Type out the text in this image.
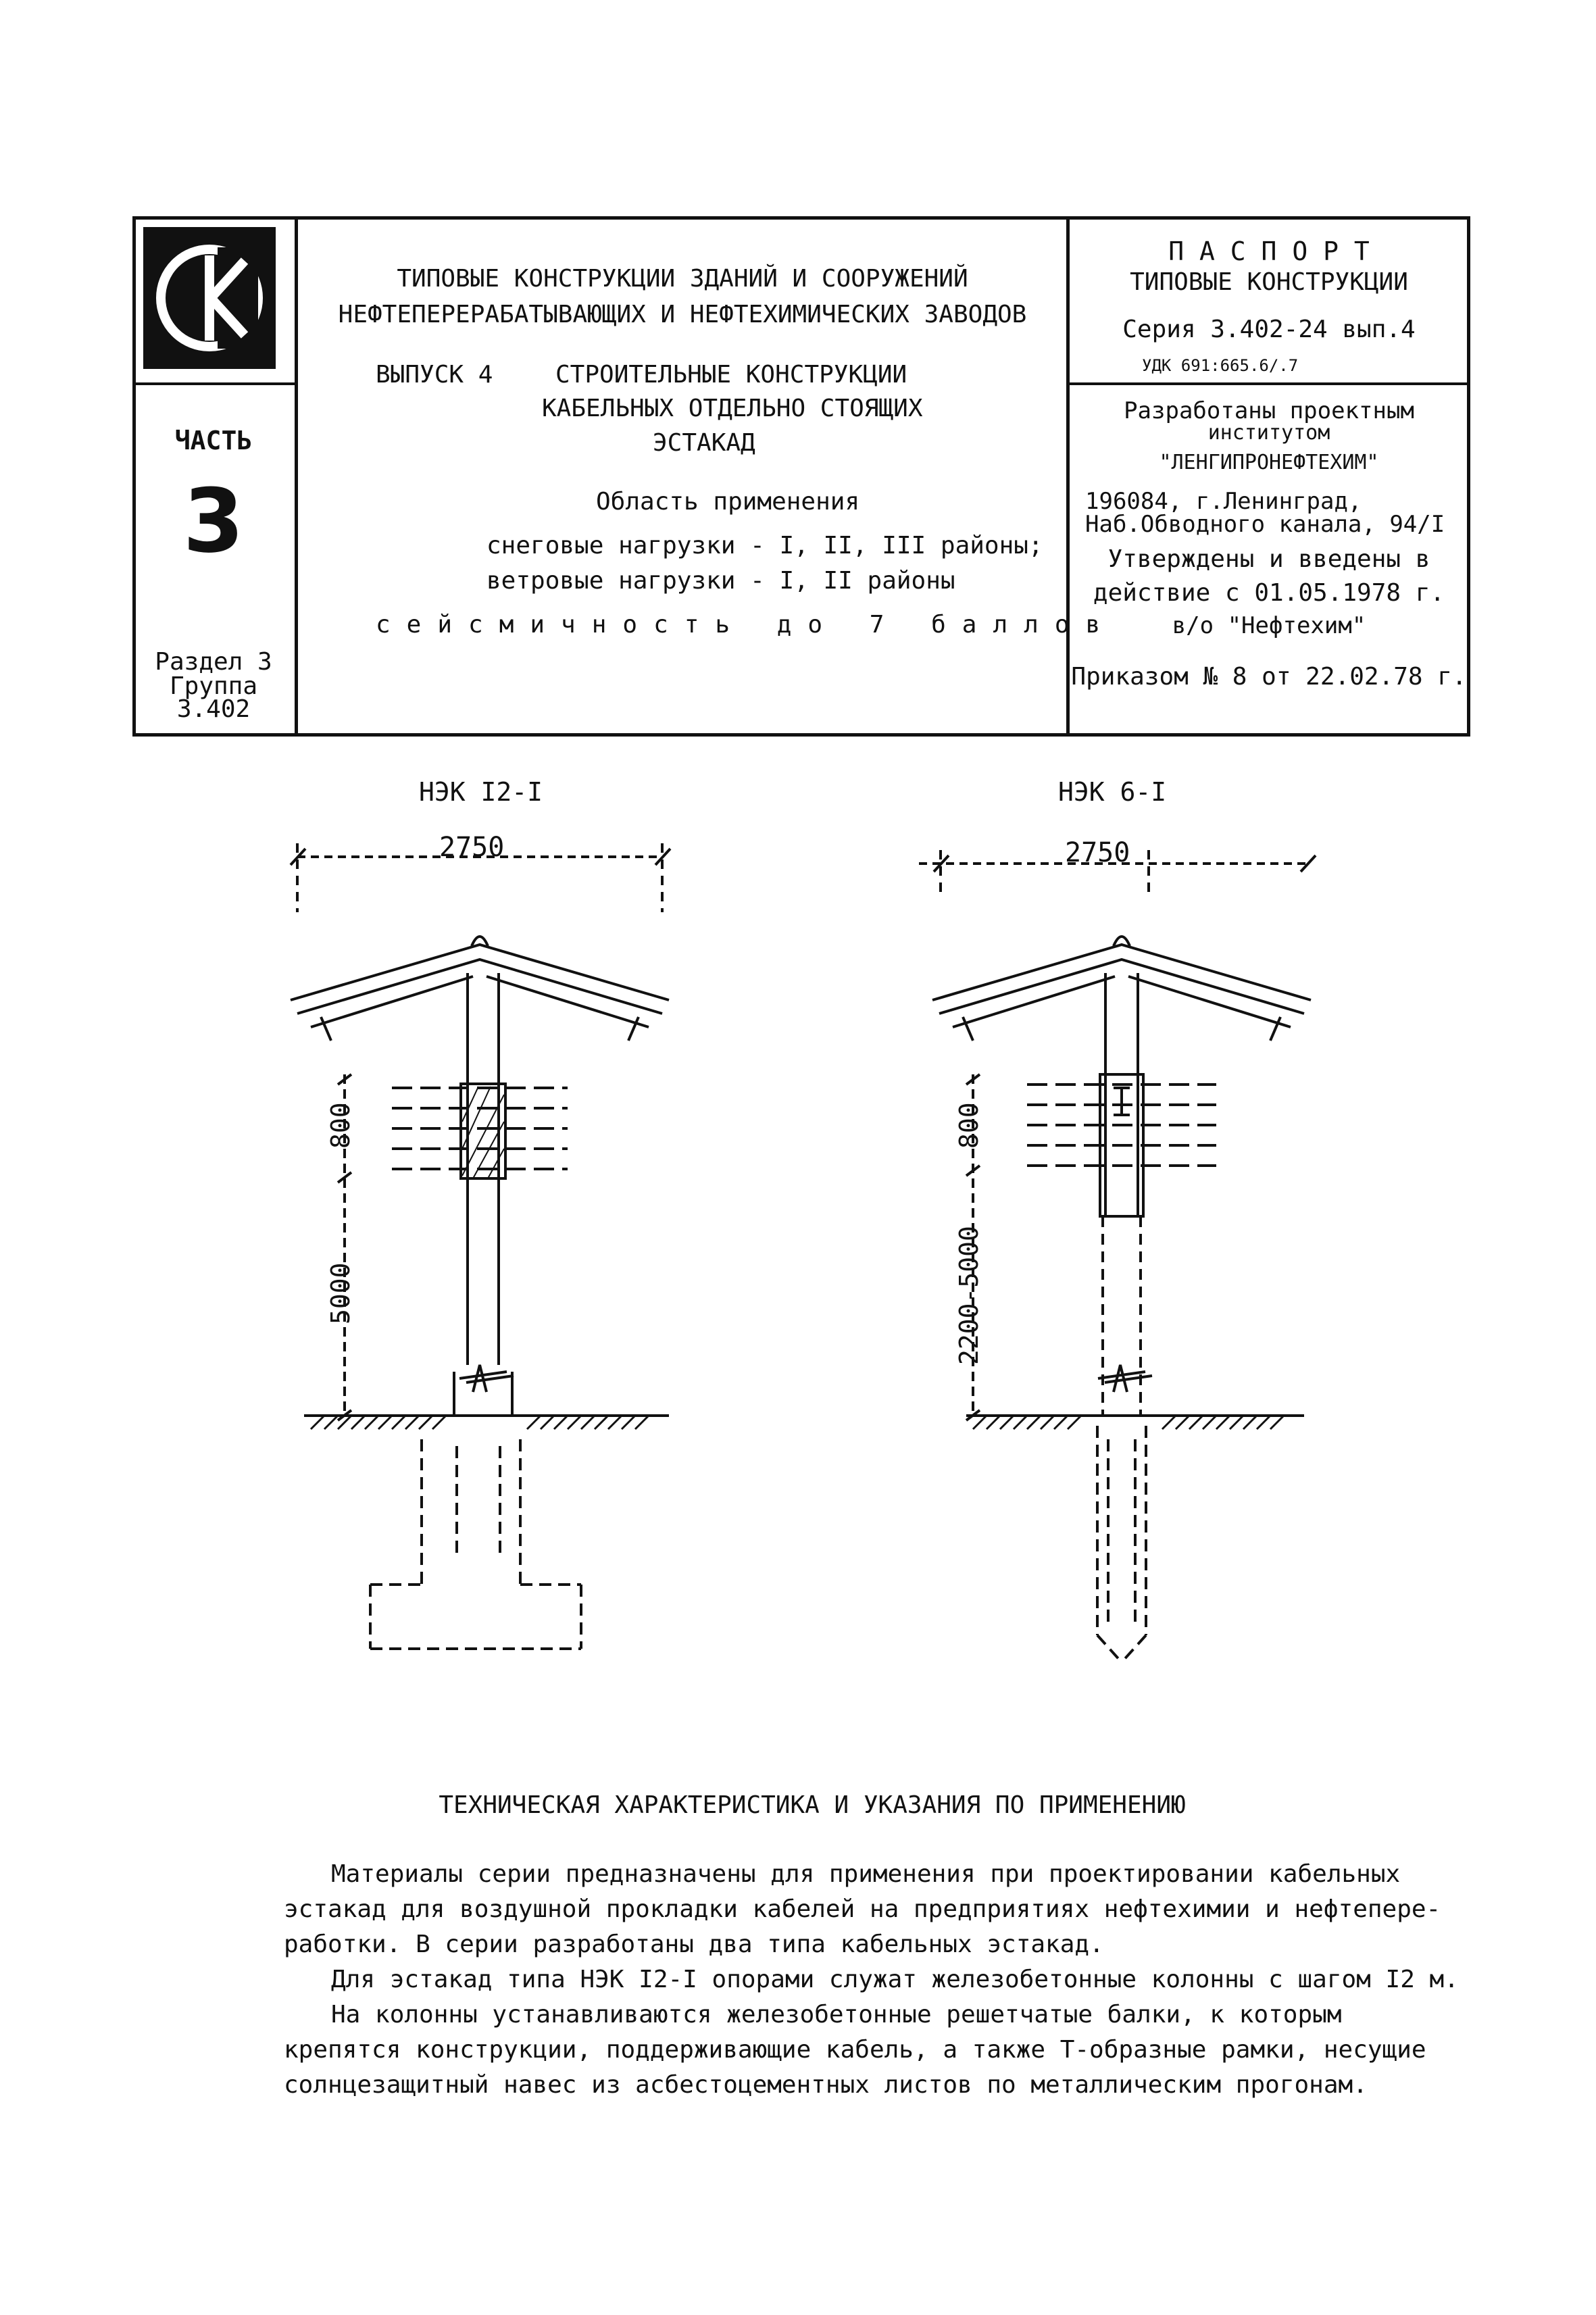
ЧАСТЬ
3
Раздел 3
Группа
3.402
ТИПОВЫЕ КОНСТРУКЦИИ ЗДАНИЙ И СООРУЖЕНИЙ
НЕФТЕПЕРЕРАБАТЫВАЮЩИХ И НЕФТЕХИМИЧЕСКИХ ЗАВОДОВ
ВЫПУСК 4	СТРОИТЕЛЬНЫЕ КОНСТРУКЦИИ
КАБЕЛЬНЫХ ОТДЕЛЬНО СТОЯЩИХ
ЭСТАКАД
Область применения
снеговые нагрузки - I, II, III районы;
ветровые нагрузки - I, II районы
сейсмичность до 7 баллов
П А С П О Р Т
ТИПОВЫЕ КОНСТРУКЦИИ
Серия 3.402-24 вып.4
УДК 691:665.6/.7
Разработаны проектным
институтом
"ЛЕНГИПРОНЕФТЕХИМ"
196084, г.Ленинград,
Наб.Обводного канала, 94/I
Утверждены и введены в
действие с 01.05.1978 г.
в/о "Нефтехим"
Приказом № 8 от 22.02.78 г.
НЭК I2-I	НЭК 6-I
2750	2750
800
5000
800
2200-5000
ТЕХНИЧЕСКАЯ ХАРАКТЕРИСТИКА И УКАЗАНИЯ ПО ПРИМЕНЕНИЮ
Материалы серии предназначены для применения при проектировании кабельных
эстакад для воздушной прокладки кабелей на предприятиях нефтехимии и нефтепере-
работки. В серии разработаны два типа кабельных эстакад.
Для эстакад типа НЭК I2-I опорами служат железобетонные колонны с шагом I2 м.
На колонны устанавливаются железобетонные решетчатые балки, к которым
крепятся конструкции, поддерживающие кабель, а также Т-образные рамки, несущие
солнцезащитный навес из асбестоцементных листов по металлическим прогонам.
